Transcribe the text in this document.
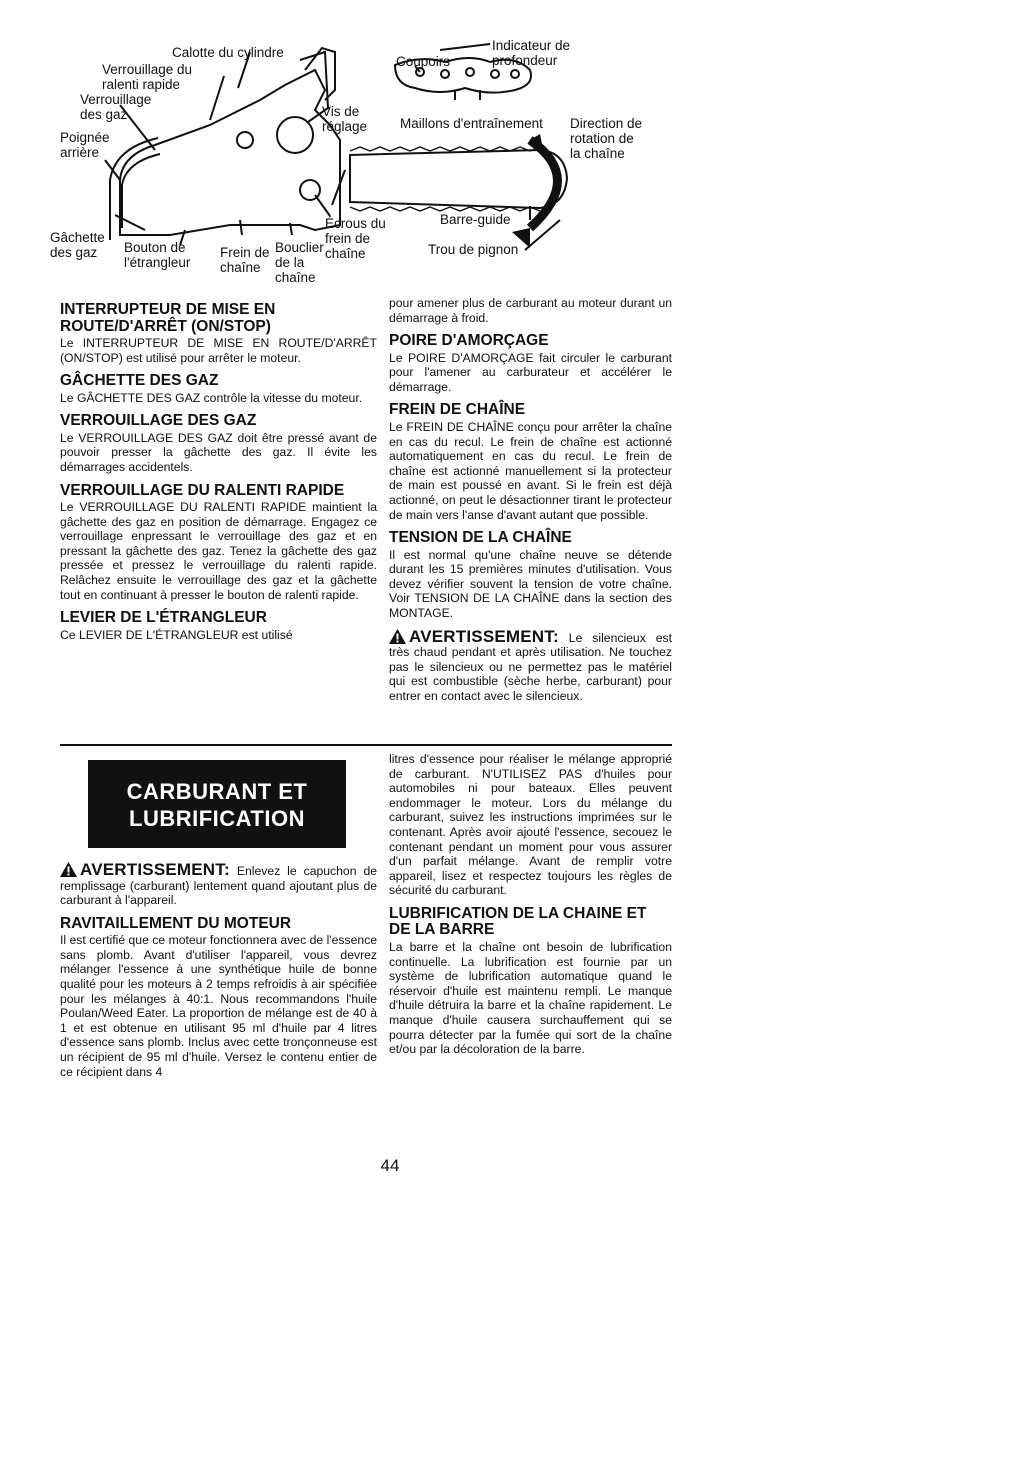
Calotte du cylindre
Verrouillage du
ralenti rapide
Verrouillage
des gaz
Poignée
arrière
Gâchette
des gaz	Bouton de
l'étrangleur
Frein de
chaîne
Bouclier
de la
chaîne
Vis de
réglage
Écrous du
frein de
chaîne
Barre-guide
Trou de pignon
Indicateur de
profondeur
Coupoirs
Maillons d'entraînement Direction de
rotation de
la chaîne
INTERRUPTEUR DE MISE EN ROUTE/D'ARRÊT (ON/STOP)

Le INTERRUPTEUR DE MISE EN ROUTE/D'ARRÊT (ON/STOP) est utilisé pour arrêter le moteur.

GÂCHETTE DES GAZ

Le GÂCHETTE DES GAZ contrôle la vitesse du moteur.

VERROUILLAGE DES GAZ

Le VERROUILLAGE DES GAZ doit être pressé avant de pouvoir presser la gâchette des gaz. Il évite les démarrages accidentels.

VERROUILLAGE DU RALENTI RAPIDE

Le VERROUILLAGE DU RALENTI RAPIDE maintient la gâchette des gaz en position de démarrage. Engagez ce verrouillage enpressant le verrouillage des gaz et en pressant la gâchette des gaz. Tenez la gâchette des gaz pressée et pressez le verrouillage du ralenti rapide. Relâchez ensuite le verrouillage des gaz et la gâchette tout en continuant à presser le bouton de ralenti rapide.

LEVIER DE L'ÉTRANGLEUR

Ce LEVIER DE L'ÉTRANGLEUR est utilisé

pour amener plus de carburant au moteur durant un démarrage à froid.

POIRE D'AMORÇAGE

Le POIRE D'AMORÇAGE fait circuler le carburant pour l'amener au carburateur et accélérer le démarrage.

FREIN DE CHAÎNE

Le FREIN DE CHAÎNE conçu pour arrêter la chaîne en cas du recul. Le frein de chaîne est actionné automatiquement en cas du recul. Le frein de chaîne est actionné manuellement si la protecteur de main est poussé en avant. Si le frein est déjà actionné, on peut le désactionner tirant le protecteur de main vers l'anse d'avant autant que possible.

TENSION DE LA CHAÎNE

Il est normal qu'une chaîne neuve se détende durant les 15 premières minutes d'utilisation. Vous devez vérifier souvent la tension de votre chaîne. Voir TENSION DE LA CHAÎNE dans la section des MONTAGE.

AVERTISSEMENT: Le silencieux est très chaud pendant et après utilisation. Ne touchez pas le silencieux ou ne permettez pas le matériel qui est combustible (sèche herbe, carburant) pour entrer en contact avec le silencieux.

CARBURANT ET
LUBRIFICATION

AVERTISSEMENT: Enlevez le capuchon de remplissage (carburant) lentement quand ajoutant plus de carburant à l'appareil.

RAVITAILLEMENT DU MOTEUR

Il est certifié que ce moteur fonctionnera avec de l'essence sans plomb. Avant d'utiliser l'appareil, vous devrez mélanger l'essence à une synthétique huile de bonne qualité pour les moteurs à 2 temps refroidis à air spécifiée pour les mélanges à 40:1. Nous recommandons l'huile Poulan/Weed Eater. La proportion de mélange est de 40 à 1 et est obtenue en utilisant 95 ml d'huile par 4 litres d'essence sans plomb. Inclus avec cette tronçonneuse est un récipient de 95 ml d'huile. Versez le contenu entier de ce récipient dans 4

litres d'essence pour réaliser le mélange approprié de carburant. N'UTILISEZ PAS d'huiles pour automobiles ni pour bateaux. Elles peuvent endommager le moteur. Lors du mélange du carburant, suivez les instructions imprimées sur le contenant. Après avoir ajouté l'essence, secouez le contenant pendant un moment pour vous assurer d'un parfait mélange. Avant de remplir votre appareil, lisez et respectez toujours les règles de sécurité du carburant.

LUBRIFICATION DE LA CHAINE ET DE LA BARRE

La barre et la chaîne ont besoin de lubrification continuelle. La lubrification est fournie par un système de lubrification automatique quand le réservoir d'huile est maintenu rempli. Le manque d'huile détruira la barre et la chaîne rapidement. Le manque d'huile causera surchauffement qui se pourra détecter par la fumée qui sort de la chaîne et/ou par la décoloration de la barre.

44
